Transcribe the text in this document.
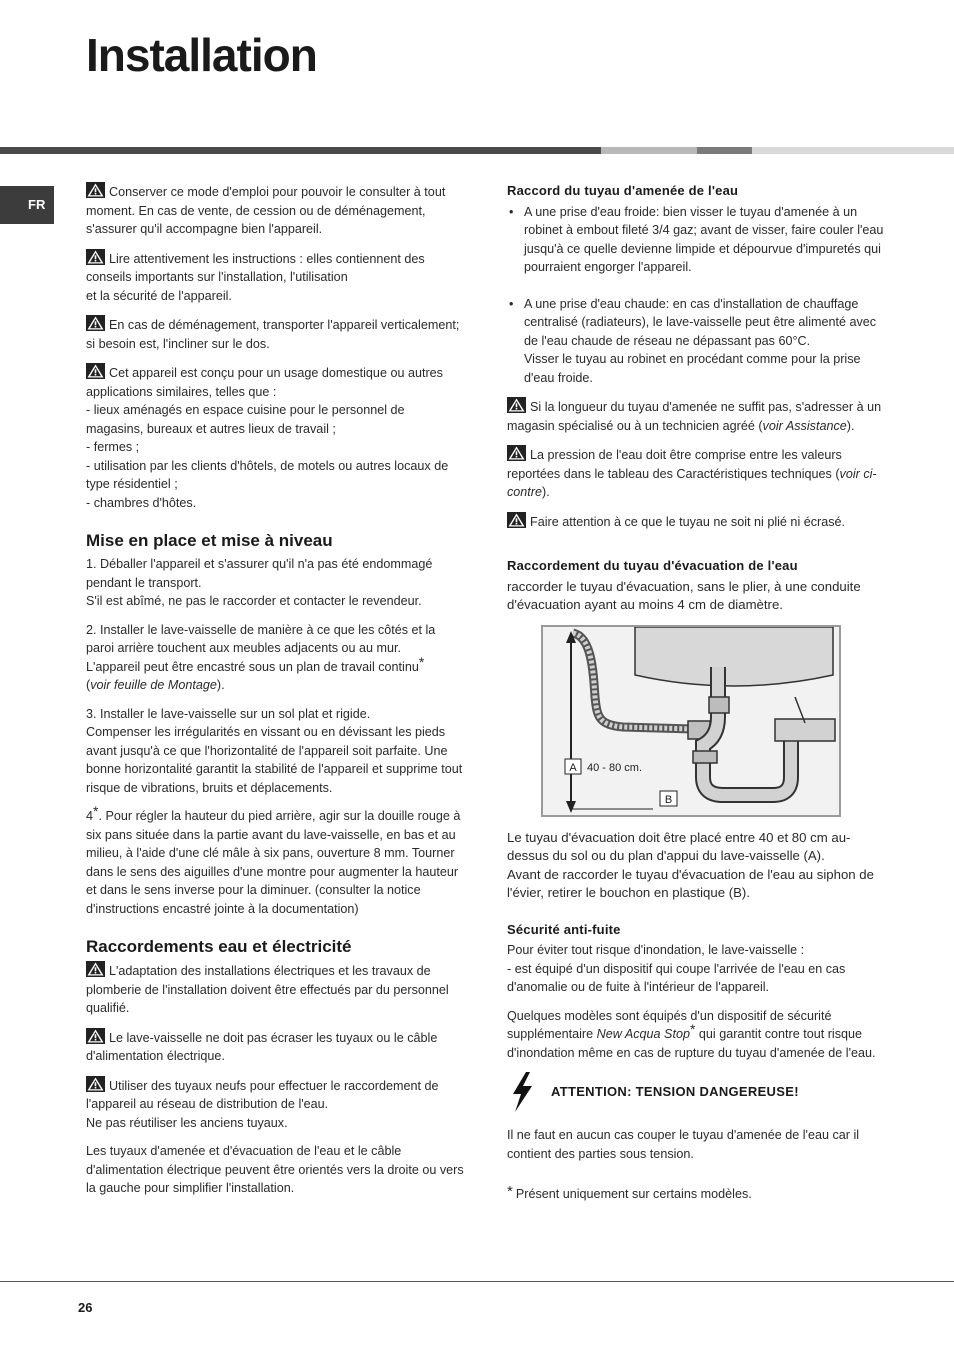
Installation
FR

Conserver ce mode d'emploi pour pouvoir le consulter à tout moment. En cas de vente, de cession ou de déménagement, s'assurer qu'il accompagne bien l'appareil.

Lire attentivement les instructions : elles contiennent des conseils importants sur l'installation, l'utilisation
et la sécurité de l'appareil.

En cas de déménagement, transporter l'appareil verticalement; si besoin est, l'incliner sur le dos.

Cet appareil est conçu pour un usage domestique ou autres applications similaires, telles que :
- lieux aménagés en espace cuisine pour le personnel de magasins, bureaux et autres lieux de travail ;
- fermes ;
- utilisation par les clients d'hôtels, de motels ou autres locaux de type résidentiel ;
- chambres d'hôtes.

Mise en place et mise à niveau

1. Déballer l'appareil et s'assurer qu'il n'a pas été endommagé pendant le transport.
S'il est abîmé, ne pas le raccorder et contacter le revendeur.

2. Installer le lave-vaisselle de manière à ce que les côtés et la paroi arrière touchent aux meubles adjacents ou au mur.
L'appareil peut être encastré sous un plan de travail continu*
(voir feuille de Montage).

3. Installer le lave-vaisselle sur un sol plat et rigide.
Compenser les irrégularités en vissant ou en dévissant les pieds avant jusqu'à ce que l'horizontalité de l'appareil soit parfaite. Une bonne horizontalité garantit la stabilité de l'appareil et supprime tout risque de vibrations, bruits et déplacements.

4*. Pour régler la hauteur du pied arrière, agir sur la douille rouge à six pans située dans la partie avant du lave-vaisselle, en bas et au milieu, à l'aide d'une clé mâle à six pans, ouverture 8 mm. Tourner dans le sens des aiguilles d'une montre pour augmenter la hauteur et dans le sens inverse pour la diminuer. (consulter la notice d'instructions encastré jointe à la documentation)

Raccordements eau et électricité

L'adaptation des installations électriques et les travaux de plomberie de l'installation doivent être effectués par du personnel qualifié.

Le lave-vaisselle ne doit pas écraser les tuyaux ou le câble d'alimentation électrique.

Utiliser des tuyaux neufs pour effectuer le raccordement de l'appareil au réseau de distribution de l'eau.
Ne pas réutiliser les anciens tuyaux.

Les tuyaux d'amenée et d'évacuation de l'eau et le câble d'alimentation électrique peuvent être orientés vers la droite ou vers la gauche pour simplifier l'installation.

Raccord du tuyau d'amenée de l'eau
• A une prise d'eau froide: bien visser le tuyau d'amenée à un robinet à embout fileté 3/4 gaz; avant de visser, faire couler l'eau jusqu'à ce quelle devienne limpide et dépourvue d'impuretés qui pourraient engorger l'appareil.
• A une prise d'eau chaude: en cas d'installation de chauffage centralisé (radiateurs), le lave-vaisselle peut être alimenté avec de l'eau chaude de réseau ne dépassant pas 60°C.
Visser le tuyau au robinet en procédant comme pour la prise d'eau froide.

Si la longueur du tuyau d'amenée ne suffit pas, s'adresser à un magasin spécialisé ou à un technicien agréé (voir Assistance).

La pression de l'eau doit être comprise entre les valeurs reportées dans le tableau des Caractéristiques techniques (voir ci-contre).

Faire attention à ce que le tuyau ne soit ni plié ni écrasé.

Raccordement du tuyau d'évacuation de l'eau

raccorder le tuyau d'évacuation, sans le plier, à une conduite d'évacuation ayant au moins 4 cm de diamètre.

A 40 - 80 cm.
B

Le tuyau d'évacuation doit être placé entre 40 et 80 cm au-dessus du sol ou du plan d'appui du lave-vaisselle (A).
Avant de raccorder le tuyau d'évacuation de l'eau au siphon de l'évier, retirer le bouchon en plastique (B).

Sécurité anti-fuite

Pour éviter tout risque d'inondation, le lave-vaisselle :
- est équipé d'un dispositif qui coupe l'arrivée de l'eau en cas d'anomalie ou de fuite à l'intérieur de l'appareil.

Quelques modèles sont équipés d'un dispositif de sécurité supplémentaire New Acqua Stop* qui garantit contre tout risque d'inondation même en cas de rupture du tuyau d'amenée de l'eau.

ATTENTION: TENSION DANGEREUSE!

Il ne faut en aucun cas couper le tuyau d'amenée de l'eau car il contient des parties sous tension.

* Présent uniquement sur certains modèles.

26
